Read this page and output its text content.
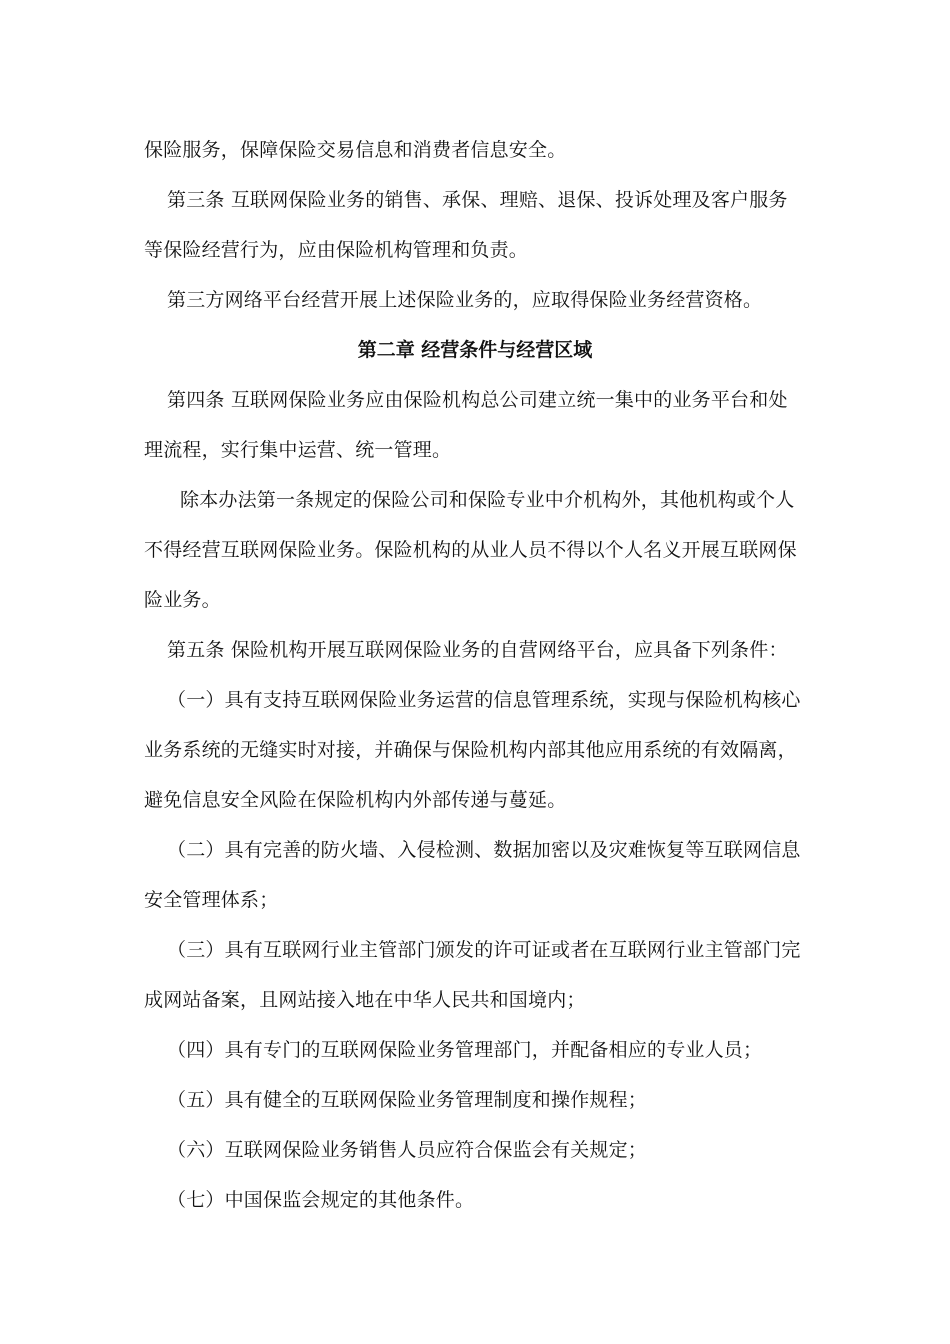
保险服务，保障保险交易信息和消费者信息安全。
第三条 互联网保险业务的销售、承保、理赔、退保、投诉处理及客户服务
等保险经营行为，应由保险机构管理和负责。
第三方网络平台经营开展上述保险业务的，应取得保险业务经营资格。
第二章 经营条件与经营区域
第四条 互联网保险业务应由保险机构总公司建立统一集中的业务平台和处
理流程，实行集中运营、统一管理。
除本办法第一条规定的保险公司和保险专业中介机构外，其他机构或个人
不得经营互联网保险业务。保险机构的从业人员不得以个人名义开展互联网保
险业务。
第五条 保险机构开展互联网保险业务的自营网络平台，应具备下列条件：
（一）具有支持互联网保险业务运营的信息管理系统，实现与保险机构核心
业务系统的无缝实时对接，并确保与保险机构内部其他应用系统的有效隔离，
避免信息安全风险在保险机构内外部传递与蔓延。
（二）具有完善的防火墙、入侵检测、数据加密以及灾难恢复等互联网信息
安全管理体系；
（三）具有互联网行业主管部门颁发的许可证或者在互联网行业主管部门完
成网站备案，且网站接入地在中华人民共和国境内；
（四）具有专门的互联网保险业务管理部门，并配备相应的专业人员；
（五）具有健全的互联网保险业务管理制度和操作规程；
（六）互联网保险业务销售人员应符合保监会有关规定；
（七）中国保监会规定的其他条件。
